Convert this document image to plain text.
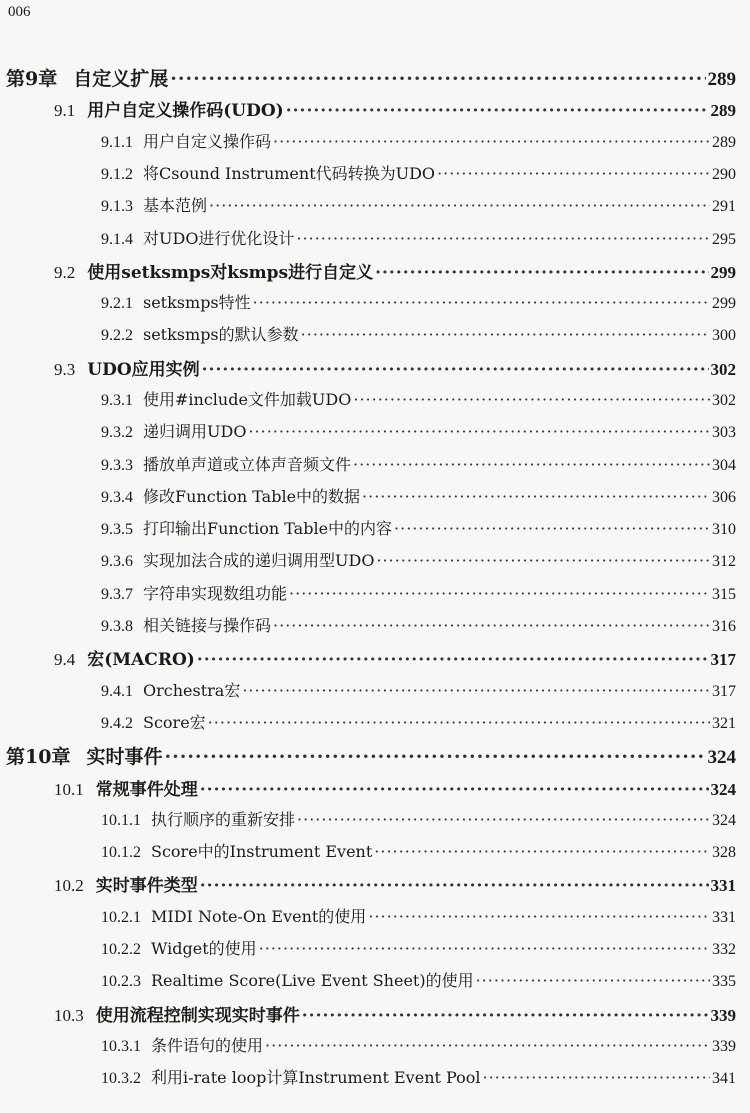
006
第9章 自定义扩展 ·····	289
9.1 用户自定义操作码(UDO) ·····	289
9.1.1 用户自定义操作码 ·····	289
9.1.2 将Csound Instrument代码转换为UDO ·····	290
9.1.3 基本范例 ·····	291
9.1.4 对UDO进行优化设计 ·····	295
9.2 使用setksmps对ksmps进行自定义 ·····	299
9.2.1 setksmps特性 ·····	299
9.2.2 setksmps的默认参数 ·····	300
9.3 UDO应用实例 ·····	302
9.3.1 使用#include文件加载UDO ·····	302
9.3.2 递归调用UDO ·····	303
9.3.3 播放单声道或立体声音频文件 ·····	304
9.3.4 修改Function Table中的数据 ·····	306
9.3.5 打印输出Function Table中的内容 ·····	310
9.3.6 实现加法合成的递归调用型UDO ·····	312
9.3.7 字符串实现数组功能 ·····	315
9.3.8 相关链接与操作码 ·····	316
9.4 宏(MACRO) ·····	317
9.4.1 Orchestra宏 ·····	317
9.4.2 Score宏 ·····	321
第10章 实时事件 ·····	324
10.1 常规事件处理 ·····	324
10.1.1 执行顺序的重新安排 ·····	324
10.1.2 Score中的Instrument Event ·····	328
10.2 实时事件类型 ·····	331
10.2.1 MIDI Note-On Event的使用 ·····	331
10.2.2 Widget的使用 ·····	332
10.2.3 Realtime Score(Live Event Sheet)的使用 ·····	335
10.3 使用流程控制实现实时事件 ·····	339
10.3.1 条件语句的使用 ·····	339
10.3.2 利用i-rate loop计算Instrument Event Pool ·····	341
